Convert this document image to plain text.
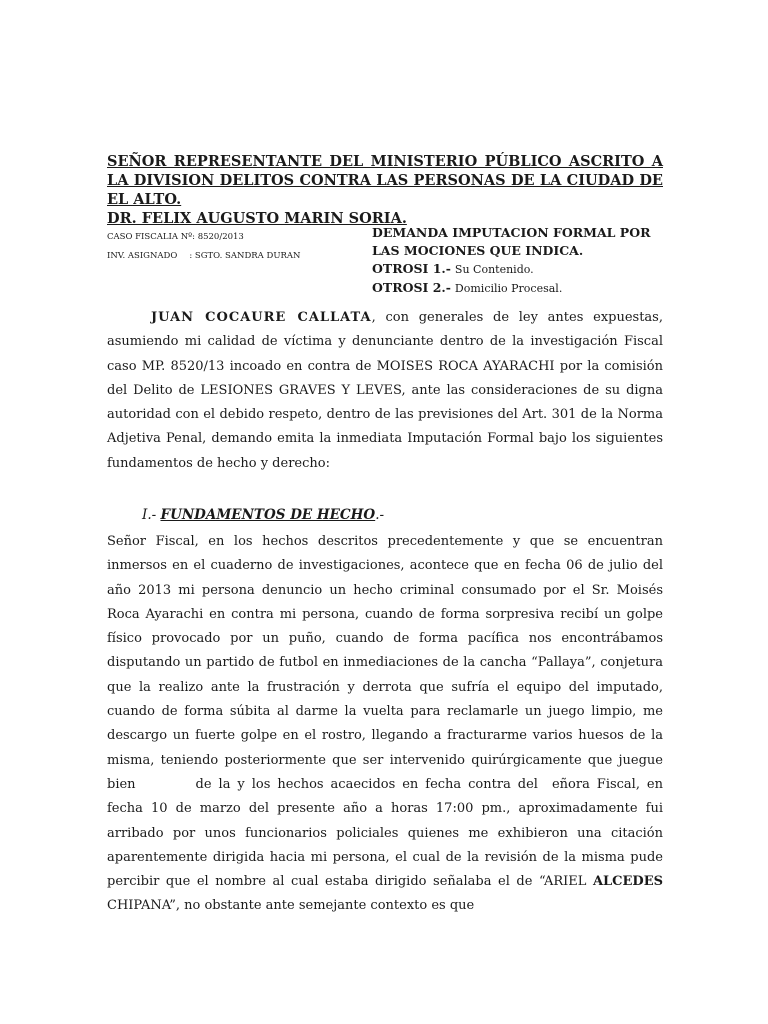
SEÑOR REPRESENTANTE DEL MINISTERIO PÚBLICO ASCRITO A LA DIVISION DELITOS CONTRA LAS PERSONAS DE LA CIUDAD DE EL ALTO.
DR. FELIX AUGUSTO MARIN SORIA.
CASO FISCALIA Nº: 8520/2013
INV. ASIGNADO : SGTO. SANDRA DURAN
DEMANDA IMPUTACION FORMAL POR LAS MOCIONES QUE INDICA.
OTROSI 1.- Su Contenido.
OTROSI 2.- Domicilio Procesal.
JUAN COCAURE CALLATA, con generales de ley antes expuestas, asumiendo mi calidad de víctima y denunciante dentro de la investigación Fiscal caso MP. 8520/13 incoado en contra de MOISES ROCA AYARACHI por la comisión del Delito de LESIONES GRAVES Y LEVES, ante las consideraciones de su digna autoridad con el debido respeto, dentro de las previsiones del Art. 301 de la Norma Adjetiva Penal, demando emita la inmediata Imputación Formal bajo los siguientes fundamentos de hecho y derecho:
I.- FUNDAMENTOS DE HECHO.-
Señor Fiscal, en los hechos descritos precedentemente y que se encuentran inmersos en el cuaderno de investigaciones, acontece que en fecha 06 de julio del año 2013 mi persona denuncio un hecho criminal consumado por el Sr. Moisés Roca Ayarachi en contra mi persona, cuando de forma sorpresiva recibí un golpe físico provocado por un puño, cuando de forma pacífica nos encontrábamos disputando un partido de futbol en inmediaciones de la cancha “Pallaya”, conjetura que la realizo ante la frustración y derrota que sufría el equipo del imputado, cuando de forma súbita al darme la vuelta para reclamarle un juego limpio, me descargo un fuerte golpe en el rostro, llegando a fracturarme varios huesos de la misma, teniendo posteriormente que ser intervenido quirúrgicamente que juegue bien	de la y los hechos acaecidos en fecha contra del eñora Fiscal, en fecha 10 de marzo del presente año a horas 17:00 pm., aproximadamente fui arribado por unos funcionarios policiales quienes me exhibieron una citación aparentemente dirigida hacia mi persona, el cual de la revisión de la misma pude percibir que el nombre al cual estaba dirigido señalaba el de “ARIEL ALCEDES CHIPANA”, no obstante ante semejante contexto es que
